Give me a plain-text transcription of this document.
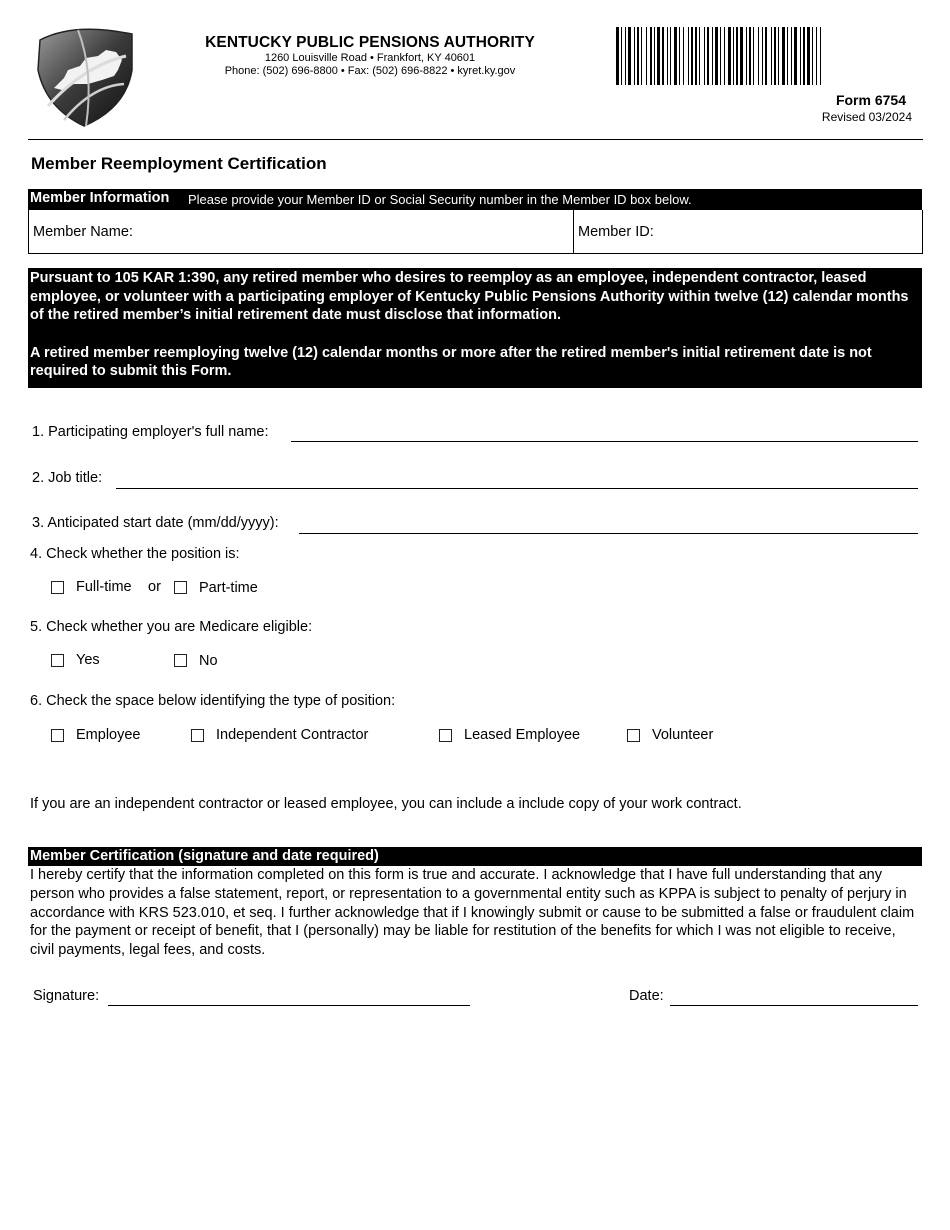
KENTUCKY PUBLIC PENSIONS AUTHORITY
1260 Louisville Road • Frankfort, KY 40601
Phone: (502) 696-8800 • Fax: (502) 696-8822 • kyret.ky.gov
Form 6754
Revised 03/2024
Member Reemployment Certification
Member Information Please provide your Member ID or Social Security number in the Member ID box below.
Member Name:	Member ID:

Pursuant to 105 KAR 1:390, any retired member who desires to reemploy as an employee, independent contractor, leased employee, or volunteer with a participating employer of Kentucky Public Pensions Authority within twelve (12) calendar months of the retired member’s initial retirement date must disclose that information.

A retired member reemploying twelve (12) calendar months or more after the retired member's initial retirement date is not required to submit this Form.

1. Participating employer's full name:
2. Job title:
3. Anticipated start date (mm/dd/yyyy):
4. Check whether the position is:
Full-time or	Part-time
5. Check whether you are Medicare eligible:
Yes	No
6. Check the space below identifying the type of position:
Employee	Independent Contractor	Leased Employee	Volunteer
If you are an independent contractor or leased employee, you can include a include copy of your work contract.
Member Certification (signature and date required)
I hereby certify that the information completed on this form is true and accurate. I acknowledge that I have full understanding that any person who provides a false statement, report, or representation to a governmental entity such as KPPA is subject to penalty of perjury in accordance with KRS 523.010, et seq. I further acknowledge that if I knowingly submit or cause to be submitted a false or fraudulent claim for the payment or receipt of benefit, that I (personally) may be liable for restitution of the benefits for which I was not eligible to receive, civil payments, legal fees, and costs.
Signature:	Date:
